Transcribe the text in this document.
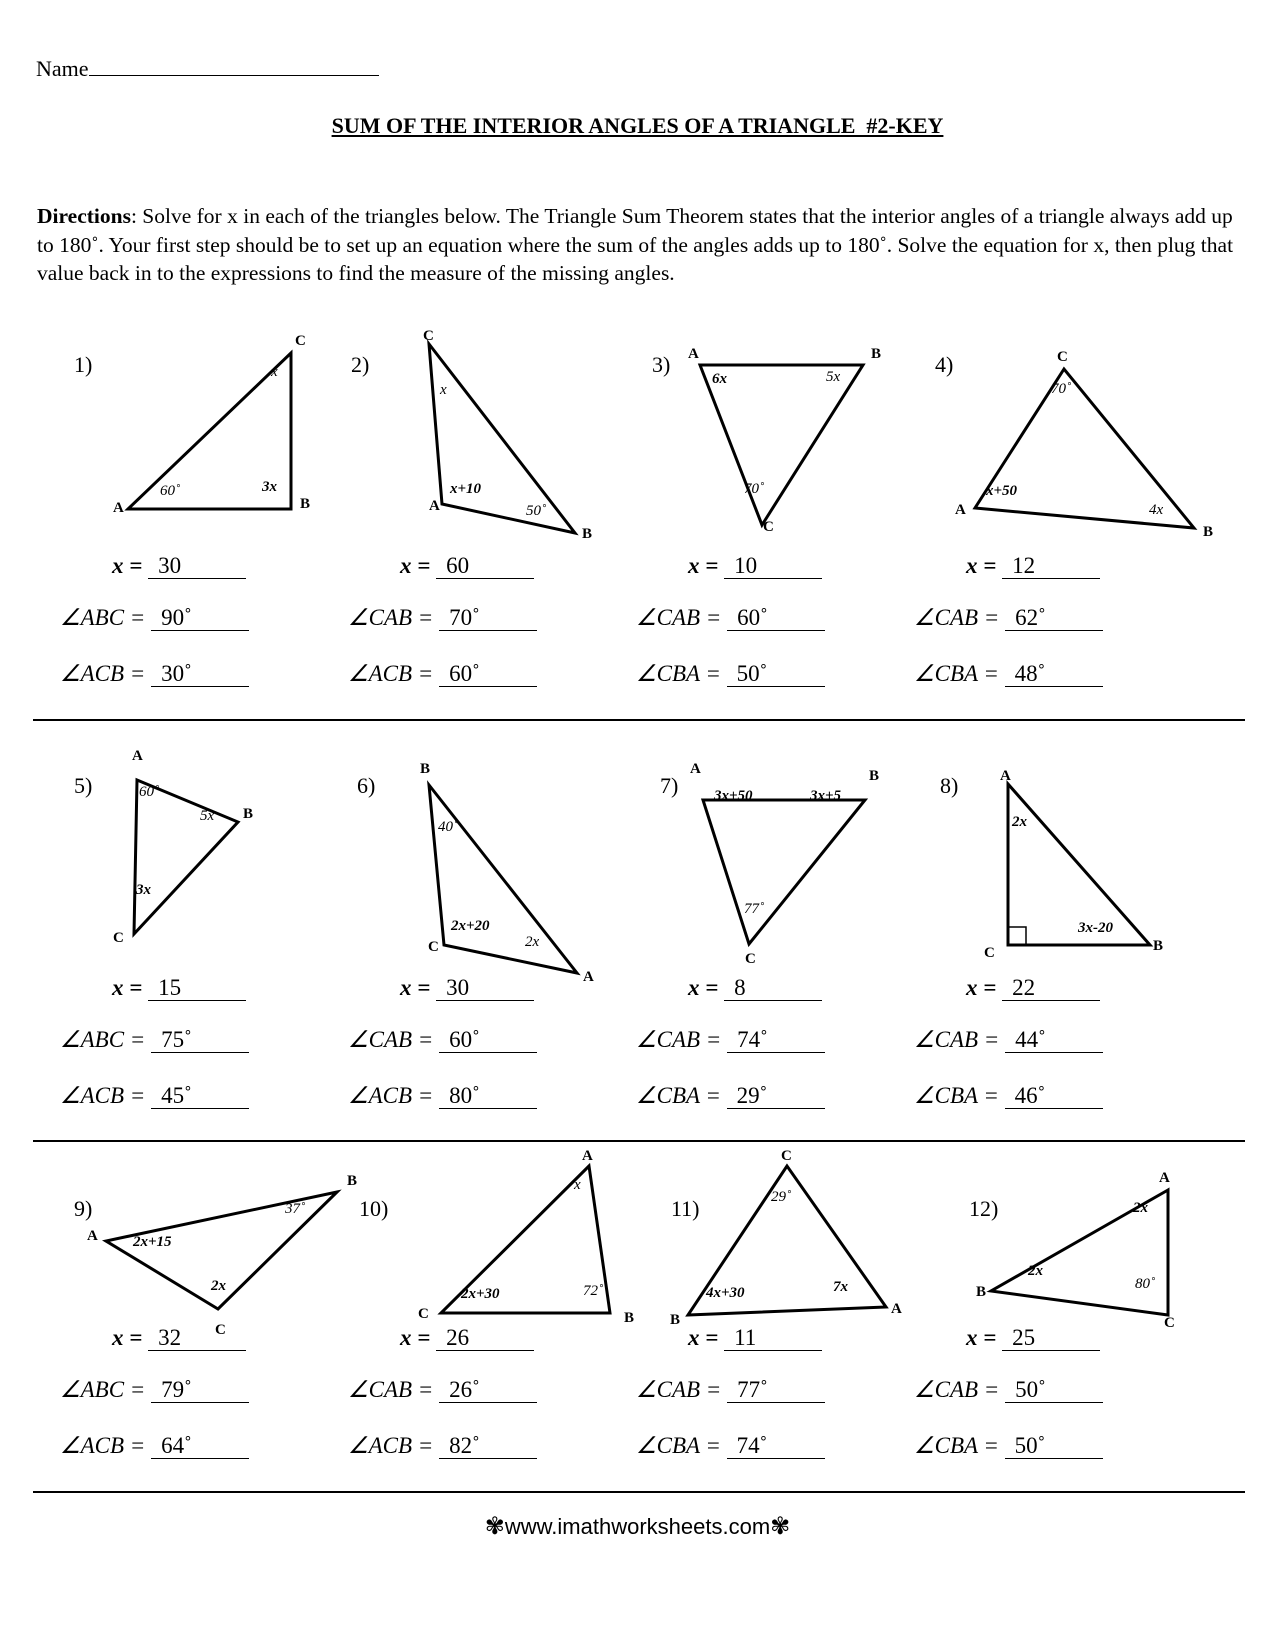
Name
SUM OF THE INTERIOR ANGLES OF A TRIANGLE  #2-KEY
Directions: Solve for x in each of the triangles below. The Triangle Sum Theorem states that the interior angles of a triangle always add up to 180˚. Your first step should be to set up an equation where the sum of the angles adds up to 180˚. Solve the equation for x, then plug that value back in to the expressions to find the measure of the missing angles.
1)	2)	3)	4)
5)	6)	7)	8)
9)	10)	11)	12)
C
A	B
C
A
B
A	B
C
C
A
B
A
B
C
B
C
A
A	B
C
A
C	B
B
A
C
A
C	B
C
B
A
A
B
C
x
60˚	3x
x
x+10
50˚
6x	5x
70˚
70˚
x+50
4x
60˚
5x
3x
40˚
2x+20
2x
3x+50	3x+5
77˚
2x
3x-20
2x+15
37˚
2x
x
2x+30	72˚
29˚
4x+30	7x
2x
2x
80˚
x = 30
∠ABC = 90˚
∠ACB = 30˚
x = 60
∠CAB = 70˚
∠ACB = 60˚
x = 10
∠CAB = 60˚
∠CBA = 50˚
x = 12
∠CAB = 62˚
∠CBA = 48˚
x = 15
∠ABC = 75˚
∠ACB = 45˚
x = 30
∠CAB = 60˚
∠ACB = 80˚
x = 8
∠CAB = 74˚
∠CBA = 29˚
x = 22
∠CAB = 44˚
∠CBA = 46˚
x = 32
∠ABC = 79˚
∠ACB = 64˚
x = 26
∠CAB = 26˚
∠ACB = 82˚
x = 11
∠CAB = 77˚
∠CBA = 74˚
x = 25
∠CAB = 50˚
∠CBA = 50˚
✾www.imathworksheets.com✾
